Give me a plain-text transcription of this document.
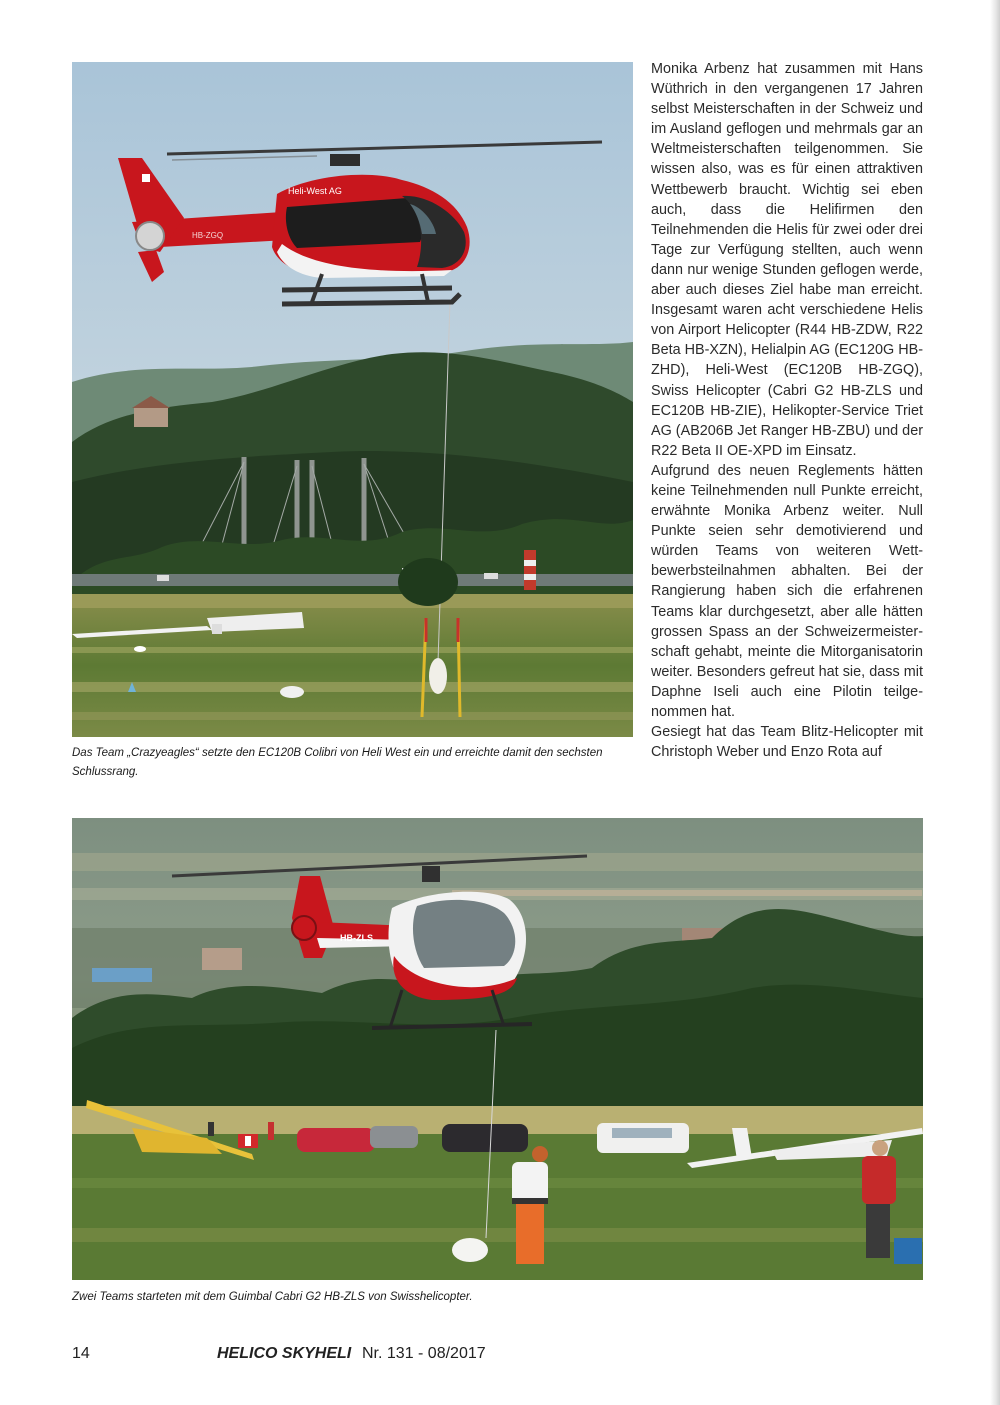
Heli-West AG
HB-ZGQ
Das Team „Crazyeagles“ setzte den EC120B Colibri von Heli West ein und erreichte damit den sechsten Schlussrang.

Monika Arbenz hat zusammen mit Hans Wüthrich in den vergangenen 17 Jahren selbst Meisterschaften in der Schweiz und im Ausland geflogen und mehrmals gar an Weltmeisterschaften teilgenommen. Sie wissen also, was es für einen attraktiven Wettbewerb braucht. Wichtig sei eben auch, dass die Helifirmen den Teilnehmenden die Helis für zwei oder drei Tage zur Verfügung stellten, auch wenn dann nur wenige Stunden geflogen werde, aber auch dieses Ziel habe man erreicht. Insgesamt waren acht verschiedene Helis von Airport Helicopter (R44 HB-ZDW, R22 Beta HB-XZN), Helialpin AG (EC120G HB-ZHD), Heli-West (EC120B HB-ZGQ), Swiss Helicopter (Cabri G2 HB-ZLS und EC120B HB-ZIE), Helikopter-Service Triet AG (AB206B Jet Ranger HB-ZBU) und der R22 Beta II OE-XPD im Einsatz.

Aufgrund des neuen Reglements hätten keine Teilnehmenden null Punkte erreicht, erwähnte Monika Arbenz weiter. Null Punkte seien sehr demotivierend und würden Teams von weiteren Wettbewerbsteilnahmen abhalten. Bei der Rangierung haben sich die erfahrenen Teams klar durchgesetzt, aber alle hätten grossen Spass an der Schweizermeisterschaft gehabt, meinte die Mitorganisatorin weiter. Besonders gefreut hat sie, dass mit Daphne Iseli auch eine Pilotin teilgenommen hat.

Gesiegt hat das Team Blitz-Helicopter mit Christoph Weber und Enzo Rota auf

HB-ZLS
Zwei Teams starteten mit dem Guimbal Cabri G2 HB-ZLS von Swisshelicopter.
14	HELICO SKYHELI Nr. 131 - 08/2017
